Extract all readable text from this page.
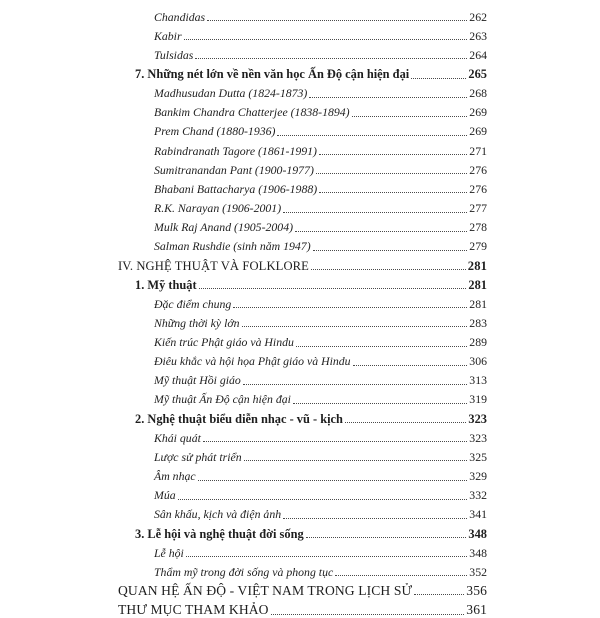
Chandidas	262
Kabir	263
Tulsidas	264
7. Những nét lớn về nền văn học Ấn Độ cận hiện đại	265
Madhusudan Dutta (1824-1873)	268
Bankim Chandra Chatterjee (1838-1894)	269
Prem Chand (1880-1936)	269
Rabindranath Tagore (1861-1991)	271
Sumitranandan Pant (1900-1977)	276
Bhabani Battacharya (1906-1988)	276
R.K. Narayan (1906-2001)	277
Mulk Raj Anand (1905-2004)	278
Salman Rushdie (sinh năm 1947)	279
IV. NGHỆ THUẬT VÀ FOLKLORE	281
1. Mỹ thuật	281
Đặc điểm chung	281
Những thời kỳ lớn	283
Kiến trúc Phật giáo và Hindu	289
Điêu khắc và hội họa Phật giáo và Hindu	306
Mỹ thuật Hồi giáo	313
Mỹ thuật Ấn Độ cận hiện đại	319
2. Nghệ thuật biểu diễn nhạc - vũ - kịch	323
Khái quát	323
Lược sử phát triển	325
Âm nhạc	329
Múa	332
Sân khấu, kịch và điện ảnh	341
3. Lễ hội và nghệ thuật đời sống	348
Lễ hội	348
Thẩm mỹ trong đời sống và phong tục	352
QUAN HỆ ẤN ĐỘ - VIỆT NAM TRONG LỊCH SỬ	356
THƯ MỤC THAM KHẢO	361
